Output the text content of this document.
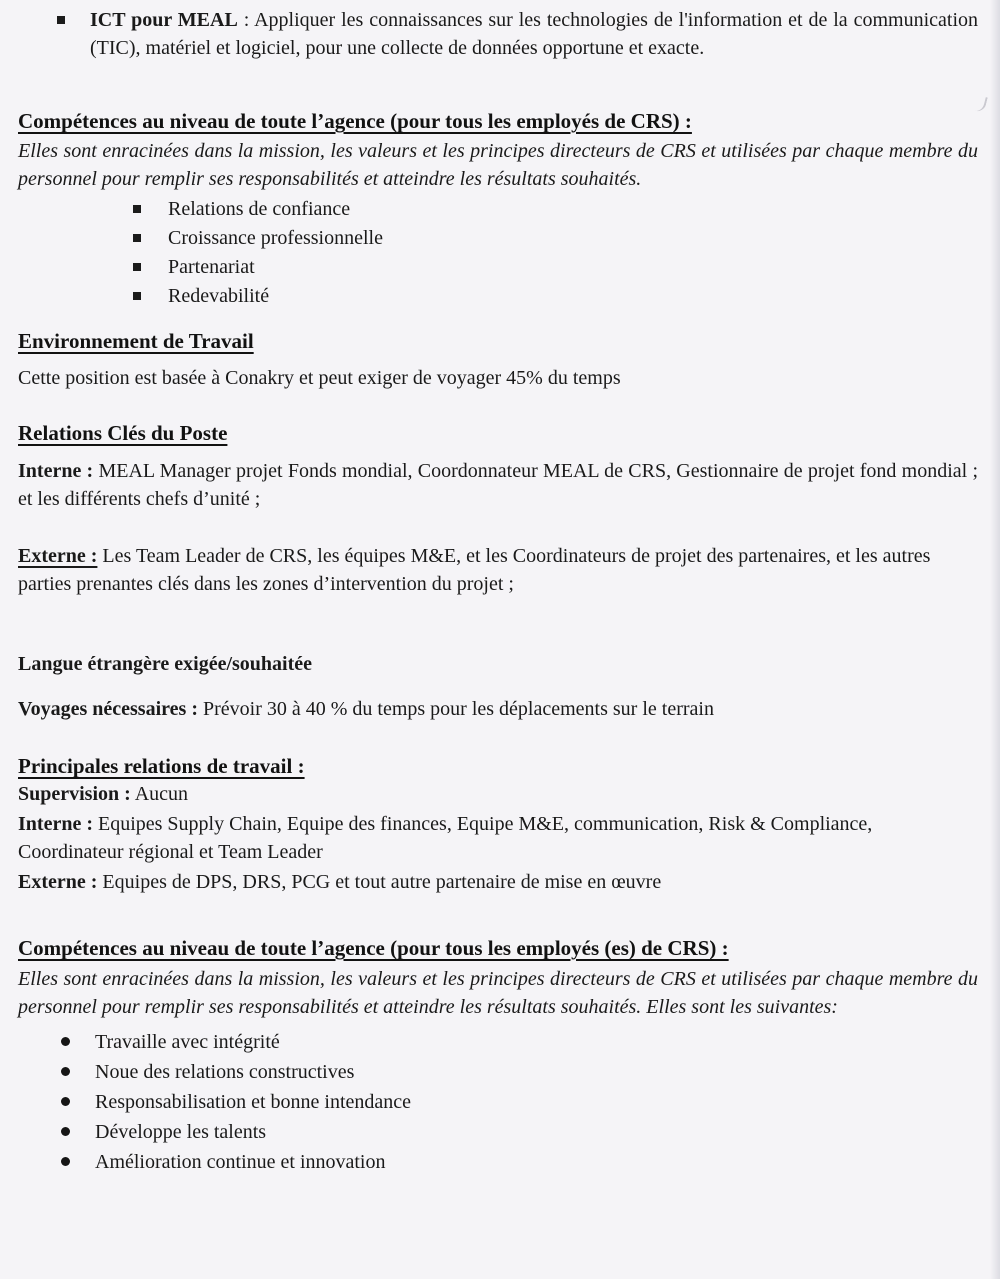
ICT pour MEAL : Appliquer les connaissances sur les technologies de l'information et de la communication (TIC), matériel et logiciel, pour une collecte de données opportune et exacte.
Compétences au niveau de toute l’agence (pour tous les employés de CRS) :

Elles sont enracinées dans la mission, les valeurs et les principes directeurs de CRS et utilisées par chaque membre du personnel pour remplir ses responsabilités et atteindre les résultats souhaités.

Relations de confiance
Croissance professionnelle
Partenariat
Redevabilité
Environnement de Travail

Cette position est basée à Conakry et peut exiger de voyager 45% du temps

Relations Clés du Poste

Interne : MEAL Manager projet Fonds mondial, Coordonnateur MEAL de CRS, Gestionnaire de projet fond mondial ; et les différents chefs d’unité ;

Externe : Les Team Leader de CRS, les équipes M&E, et les Coordinateurs de projet des partenaires, et les autres parties prenantes clés dans les zones d’intervention du projet ;

Langue étrangère exigée/souhaitée

Voyages nécessaires : Prévoir 30 à 40 % du temps pour les déplacements sur le terrain

Principales relations de travail :

Supervision : Aucun

Interne : Equipes Supply Chain, Equipe des finances, Equipe M&E, communication, Risk & Compliance, Coordinateur régional et Team Leader

Externe : Equipes de DPS, DRS, PCG et tout autre partenaire de mise en œuvre

Compétences au niveau de toute l’agence (pour tous les employés (es) de CRS) :

Elles sont enracinées dans la mission, les valeurs et les principes directeurs de CRS et utilisées par chaque membre du personnel pour remplir ses responsabilités et atteindre les résultats souhaités. Elles sont les suivantes:

Travaille avec intégrité
Noue des relations constructives
Responsabilisation et bonne intendance
Développe les talents
Amélioration continue et innovation
